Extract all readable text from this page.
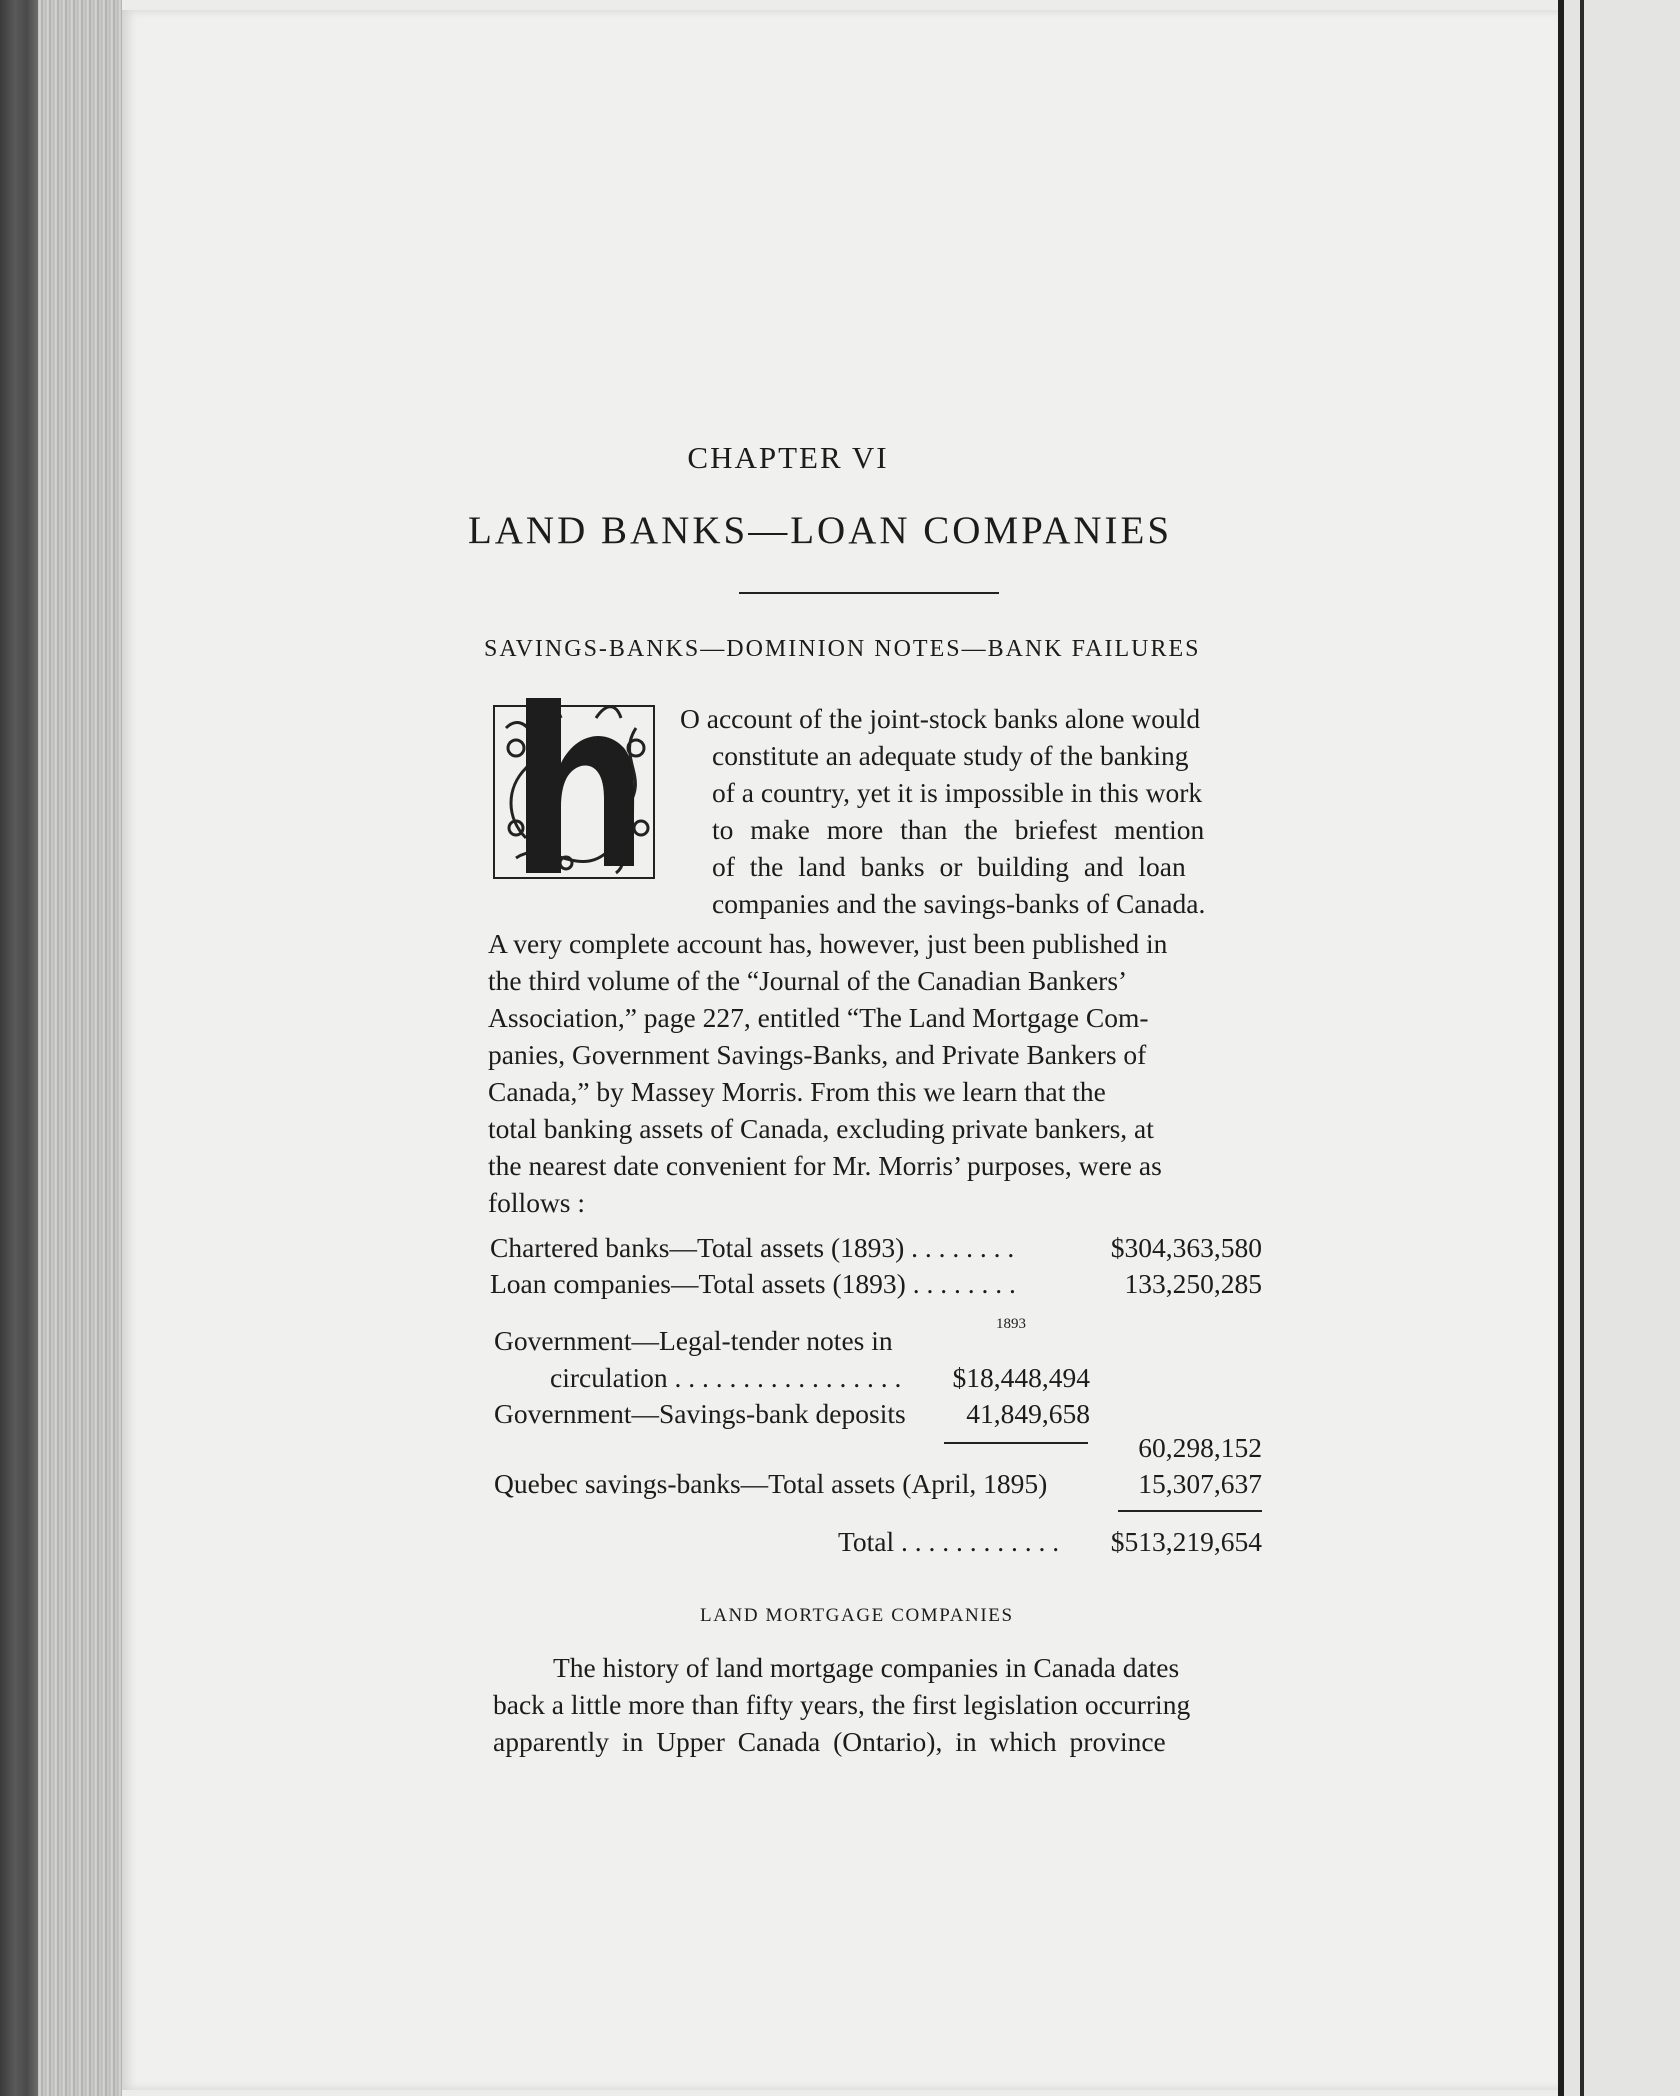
CHAPTER VI
LAND BANKS—LOAN COMPANIES
SAVINGS-BANKS—DOMINION NOTES—BANK FAILURES
O account of the joint-stock banks alone would
constitute an adequate study of the banking
of a country, yet it is impossible in this work
to make more than the briefest mention
of the land banks or building and loan
companies and the savings-banks of Canada.
A very complete account has, however, just been published in
the third volume of the “Journal of the Canadian Bankers’
Association,” page 227, entitled “The Land Mortgage Com-
panies, Government Savings-Banks, and Private Bankers of
Canada,” by Massey Morris. From this we learn that the
total banking assets of Canada, excluding private bankers, at
the nearest date convenient for Mr. Morris’ purposes, were as
follows :
Chartered banks—Total assets (1893) . . . . . . . .	$304,363,580
Loan companies—Total assets (1893) . . . . . . . .	133,250,285
1893
Government—Legal-tender notes in
circulation . . . . . . . . . . . . . . . . .	$18,448,494
Government—Savings-bank deposits	41,849,658
60,298,152
Quebec savings-banks—Total assets (April, 1895)	15,307,637
Total . . . . . . . . . . . .	$513,219,654
LAND MORTGAGE COMPANIES
The history of land mortgage companies in Canada dates
back a little more than fifty years, the first legislation occurring
apparently in Upper Canada (Ontario), in which province
